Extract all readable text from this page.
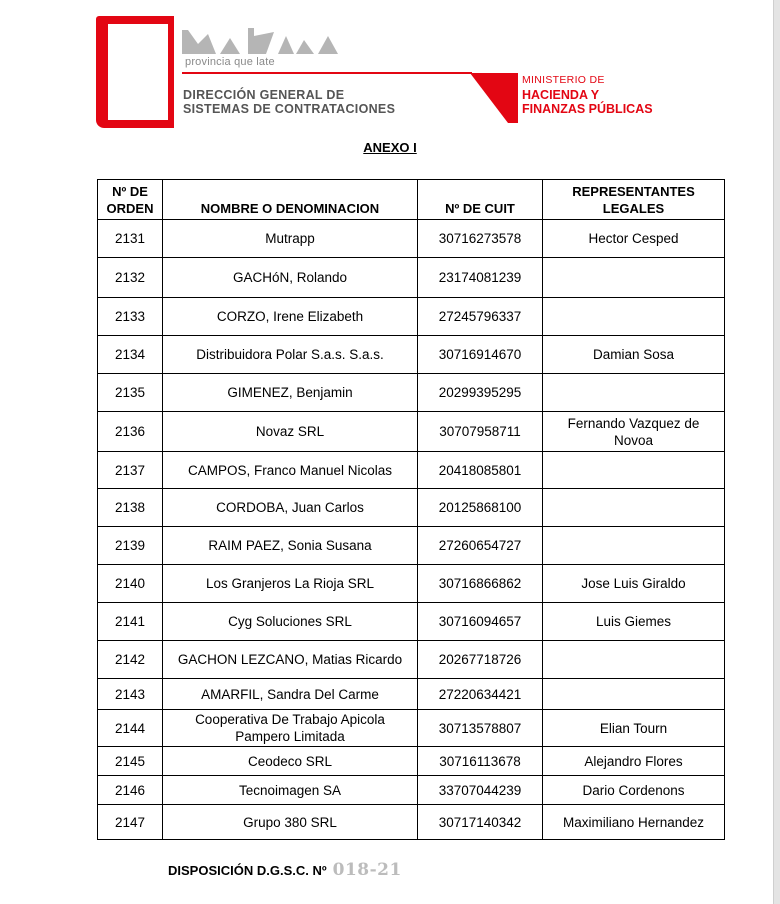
provincia que late
DIRECCIÓN GENERAL DE
SISTEMAS DE CONTRATACIONES
MINISTERIO DE
HACIENDA Y
FINANZAS PÚBLICAS
ANEXO I
Nº DE
ORDEN	NOMBRE O DENOMINACION	Nº DE CUIT	REPRESENTANTES
LEGALES
2131	Mutrapp	30716273578	Hector Cesped
2132	GACHóN, Rolando	23174081239	
2133	CORZO, Irene Elizabeth	27245796337	
2134	Distribuidora Polar S.a.s. S.a.s.	30716914670	Damian Sosa
2135	GIMENEZ, Benjamin	20299395295	
2136	Novaz SRL	30707958711	Fernando Vazquez de Novoa
2137	CAMPOS, Franco Manuel Nicolas	20418085801	
2138	CORDOBA, Juan Carlos	20125868100	
2139	RAIM PAEZ, Sonia Susana	27260654727	
2140	Los Granjeros La Rioja SRL	30716866862	Jose Luis Giraldo
2141	Cyg Soluciones SRL	30716094657	Luis Giemes
2142	GACHON LEZCANO, Matias Ricardo	20267718726	
2143	AMARFIL, Sandra Del Carme	27220634421	
2144	Cooperativa De Trabajo Apicola Pampero Limitada	30713578807	Elian Tourn
2145	Ceodeco SRL	30716113678	Alejandro Flores
2146	Tecnoimagen SA	33707044239	Dario Cordenons
2147	Grupo 380 SRL	30717140342	Maximiliano Hernandez
DISPOSICIÓN D.G.S.C. Nº 018-21
